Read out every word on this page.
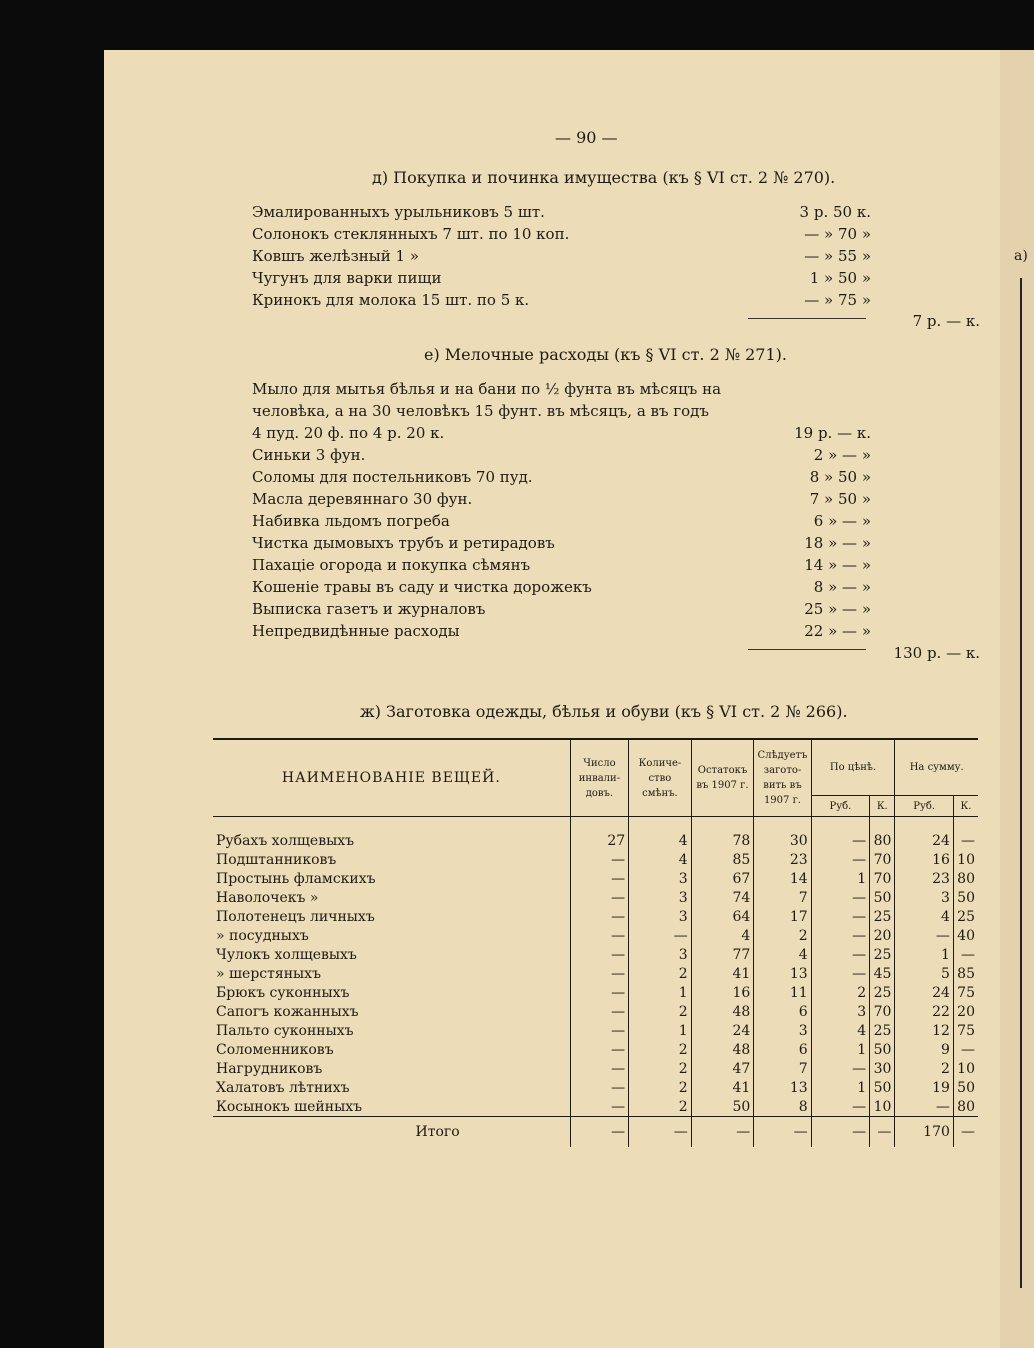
а)
— 90 —
д) Покупка и починка имущества (къ § VI ст. 2 № 270).
Эмалированныхъ урыльниковъ 5 шт.	3 р. 50 к.
Солонокъ стеклянныхъ 7 шт. по 10 коп.	— » 70 »
Ковшъ желѣзный 1 »	— » 55 »
Чугунъ для варки пищи	1 » 50 »
Кринокъ для молока 15 шт. по 5 к.	— » 75 »
7 р. — к.
е) Мелочные расходы (къ § VI ст. 2 № 271).
Мыло для мытья бѣлья и на бани по ½ фунта въ мѣсяцъ на
человѣка, а на 30 человѣкъ 15 фунт. въ мѣсяцъ, а въ годъ
4 пуд. 20 ф. по 4 р. 20 к.	19 р. — к.
Синьки 3 фун.	2 » — »
Соломы для постельниковъ 70 пуд.	8 » 50 »
Масла деревяннаго 30 фун.	7 » 50 »
Набивка льдомъ погреба	6 » — »
Чистка дымовыхъ трубъ и ретирадовъ	18 » — »
Пахаціе огорода и покупка сѣмянъ	14 » — »
Кошеніе травы въ саду и чистка дорожекъ	8 » — »
Выписка газетъ и журналовъ	25 » — »
Непредвидѣнные расходы	22 » — »
130 р. — к.
ж) Заготовка одежды, бѣлья и обуви (къ § VI ст. 2 № 266).
НАИМЕНОВАНІЕ ВЕЩЕЙ.	Число инвали-довъ.	Количе-ство смѣнъ.	Остатокъ въ 1907 г.	Слѣдуетъ загото-вить въ 1907 г.	По цѣнѣ.		На сумму.	
					Руб.	К.	Руб.	К.
Рубахъ холщевыхъ	27	4	78	30	—	80	24	—
Подштанниковъ	—	4	85	23	—	70	16	10
Простынь фламскихъ	—	3	67	14	1	70	23	80
Наволочекъ »	—	3	74	7	—	50	3	50
Полотенецъ личныхъ	—	3	64	17	—	25	4	25
» посудныхъ	—	—	4	2	—	20	—	40
Чулокъ холщевыхъ	—	3	77	4	—	25	1	—
» шерстяныхъ	—	2	41	13	—	45	5	85
Брюкъ суконныхъ	—	1	16	11	2	25	24	75
Сапогъ кожанныхъ	—	2	48	6	3	70	22	20
Пальто суконныхъ	—	1	24	3	4	25	12	75
Соломенниковъ	—	2	48	6	1	50	9	—
Нагрудниковъ	—	2	47	7	—	30	2	10
Халатовъ лѣтнихъ	—	2	41	13	1	50	19	50
Косынокъ шейныхъ	—	2	50	8	—	10	—	80
Итого	—	—	—	—	—	—	170	—
